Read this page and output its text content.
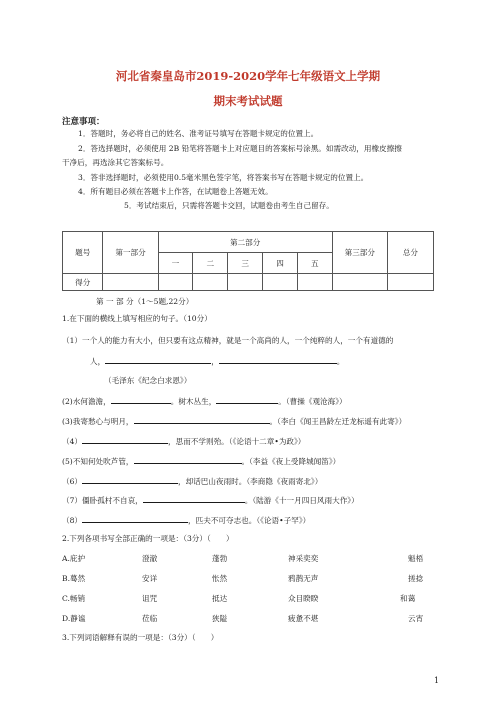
河北省秦皇岛市2019-2020学年七年级语文上学期
期末考试试题
注意事项：
1．答题时，务必将自己的姓名、准考证号填写在答题卡规定的位置上。
2．答选择题时，必须使用 2B 铅笔将答题卡上对应题目的答案标号涂黑。如需改动，用橡皮擦擦
干净后，再选涂其它答案标号。
3．答非选择题时，必须使用0.5毫米黑色签字笔，将答案书写在答题卡规定的位置上。
4．所有题目必须在答题卡上作答，在试题卷上答题无效。
5．考试结束后，只需将答题卡交回，试题卷由考生自己留存。
题号	第一部分	第二部分					第三部分	总分
		一	二	三	四	五		
得分								
第 一 部 分（1～5题,22分）
1.在下面的横线上填写相应的句子。（10分）
（1）一个人的能力有大小，但只要有这点精神，就是一个高尚的人，一个纯粹的人，一个有道德的
人，	，	。
（毛泽东《纪念白求恩》）
(2)水何澹澹，	。树木丛生，	。（曹操《观沧海》）
(3)我寄愁心与明月，	。（李白《闻王昌龄左迁龙标遥有此寄》）
（4）	，思而不学则殆。（《论语十二章•为政》）
(5)不知何处吹芦管，	。（李益《夜上受降城闻笛》）
（6）	，却话巴山夜雨时。（李商隐《夜雨寄北》）
（7）僵卧孤村不自哀，	。（陆游《十一月四日风雨大作》）
（8）	，匹夫不可夺志也。（《论语•子罕》）
2.下列各项书写全部正确的一项是：（3分）（　　）
A.庇护	澄澈	蓬勃	神采奕奕	魁梧
B.蓦然	安详	怅然	鸦鹊无声	搓捻
C.畅销	诅咒	抵达	众目睽睽	和蔼
D.静谧	莅临	狭隘	疲惫不堪	云宵
3.下列词语解释有误的一项是：（3分）（　　）
1
